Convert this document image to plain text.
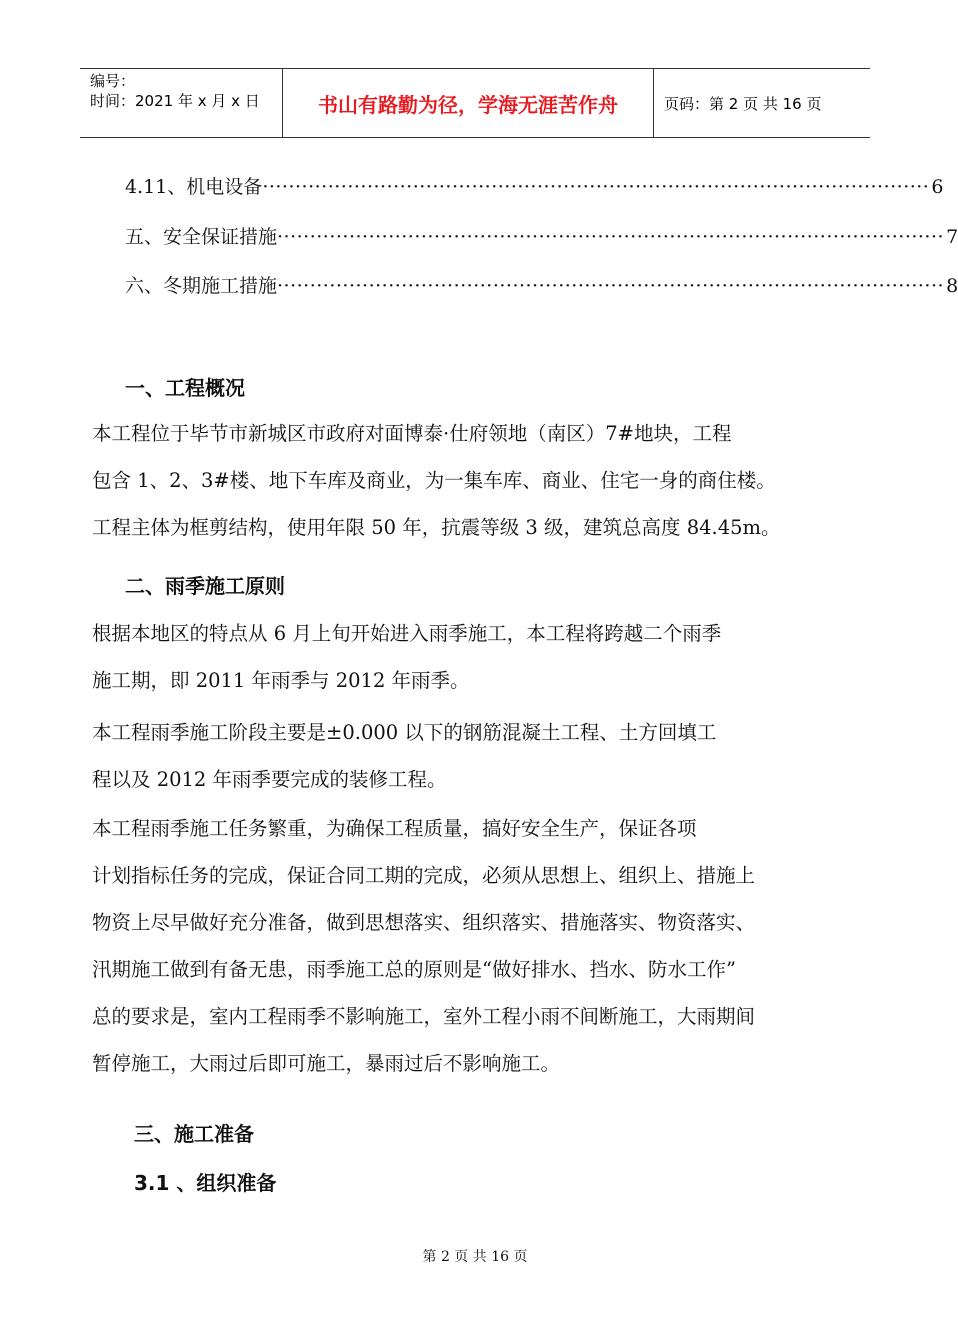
编号：
时间：2021 年 x 月 x 日	书山有路勤为径，学海无涯苦作舟	页码：第 2 页 共 16 页
4.11、机电设备 ······································································································ 6
五、安全保证措施 ······································································································ 7
六、冬期施工措施 ······································································································ 8
一、工程概况
本工程位于毕节市新城区市政府对面博泰·仕府领地（南区）7#地块，工程
包含 1、2、3#楼、地下车库及商业，为一集车库、商业、住宅一身的商住楼。
工程主体为框剪结构，使用年限 50 年，抗震等级 3 级，建筑总高度 84.45m。
二、雨季施工原则
根据本地区的特点从 6 月上旬开始进入雨季施工，本工程将跨越二个雨季
施工期，即 2011 年雨季与 2012 年雨季。
本工程雨季施工阶段主要是±0.000 以下的钢筋混凝土工程、土方回填工
程以及 2012 年雨季要完成的装修工程。
本工程雨季施工任务繁重，为确保工程质量，搞好安全生产，保证各项
计划指标任务的完成，保证合同工期的完成，必须从思想上、组织上、措施上
物资上尽早做好充分准备，做到思想落实、组织落实、措施落实、物资落实、
汛期施工做到有备无患，雨季施工总的原则是“做好排水、挡水、防水工作”
总的要求是，室内工程雨季不影响施工，室外工程小雨不间断施工，大雨期间
暂停施工，大雨过后即可施工，暴雨过后不影响施工。
三、施工准备
3.1 、组织准备
第 2 页 共 16 页
